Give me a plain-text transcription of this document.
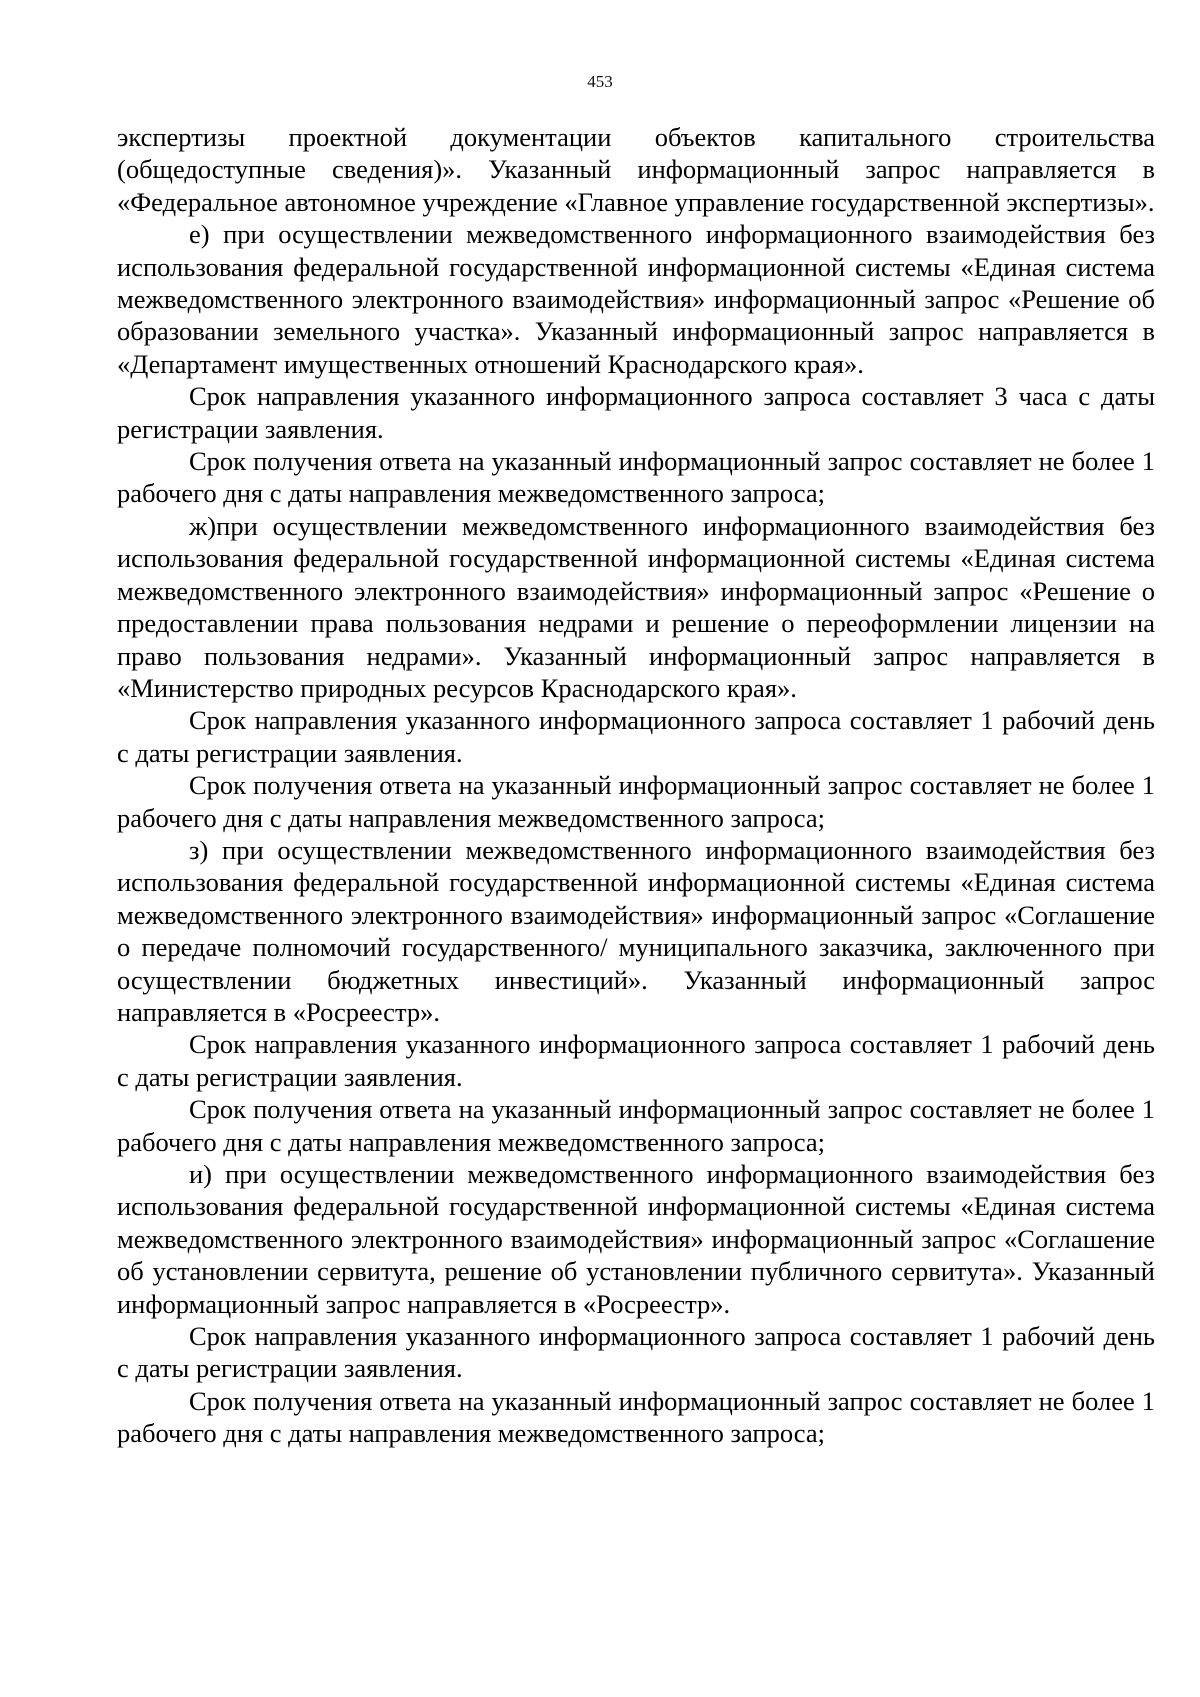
453

экспертизы проектной документации объектов капитального строительства (общедоступные сведения)». Указанный информационный запрос направляется в «Федеральное автономное учреждение «Главное управление государственной экспертизы».

е) при осуществлении межведомственного информационного взаимодействия без использования федеральной государственной информационной системы «Единая система межведомственного электронного взаимодействия» информационный запрос «Решение об образовании земельного участка». Указанный информационный запрос направляется в «Департамент имущественных отношений Краснодарского края».

Срок направления указанного информационного запроса составляет 3 часа с даты регистрации заявления.

Срок получения ответа на указанный информационный запрос составляет не более 1 рабочего дня с даты направления межведомственного запроса;

ж)при осуществлении межведомственного информационного взаимодействия без использования федеральной государственной информационной системы «Единая система межведомственного электронного взаимодействия» информационный запрос «Решение о предоставлении права пользования недрами и решение о переоформлении лицензии на право пользования недрами». Указанный информационный запрос направляется в «Министерство природных ресурсов Краснодарского края».

Срок направления указанного информационного запроса составляет 1 рабочий день с даты регистрации заявления.

Срок получения ответа на указанный информационный запрос составляет не более 1 рабочего дня с даты направления межведомственного запроса;

з) при осуществлении межведомственного информационного взаимодействия без использования федеральной государственной информационной системы «Единая система межведомственного электронного взаимодействия» информационный запрос «Соглашение о передаче полномочий государственного/ муниципального заказчика, заключенного при осуществлении бюджетных инвестиций». Указанный информационный запрос направляется в «Росреестр».

Срок направления указанного информационного запроса составляет 1 рабочий день с даты регистрации заявления.

Срок получения ответа на указанный информационный запрос составляет не более 1 рабочего дня с даты направления межведомственного запроса;

и) при осуществлении межведомственного информационного взаимодействия без использования федеральной государственной информационной системы «Единая система межведомственного электронного взаимодействия» информационный запрос «Соглашение об установлении сервитута, решение об установлении публичного сервитута». Указанный информационный запрос направляется в «Росреестр».

Срок направления указанного информационного запроса составляет 1 рабочий день с даты регистрации заявления.

Срок получения ответа на указанный информационный запрос составляет не более 1 рабочего дня с даты направления межведомственного запроса;
